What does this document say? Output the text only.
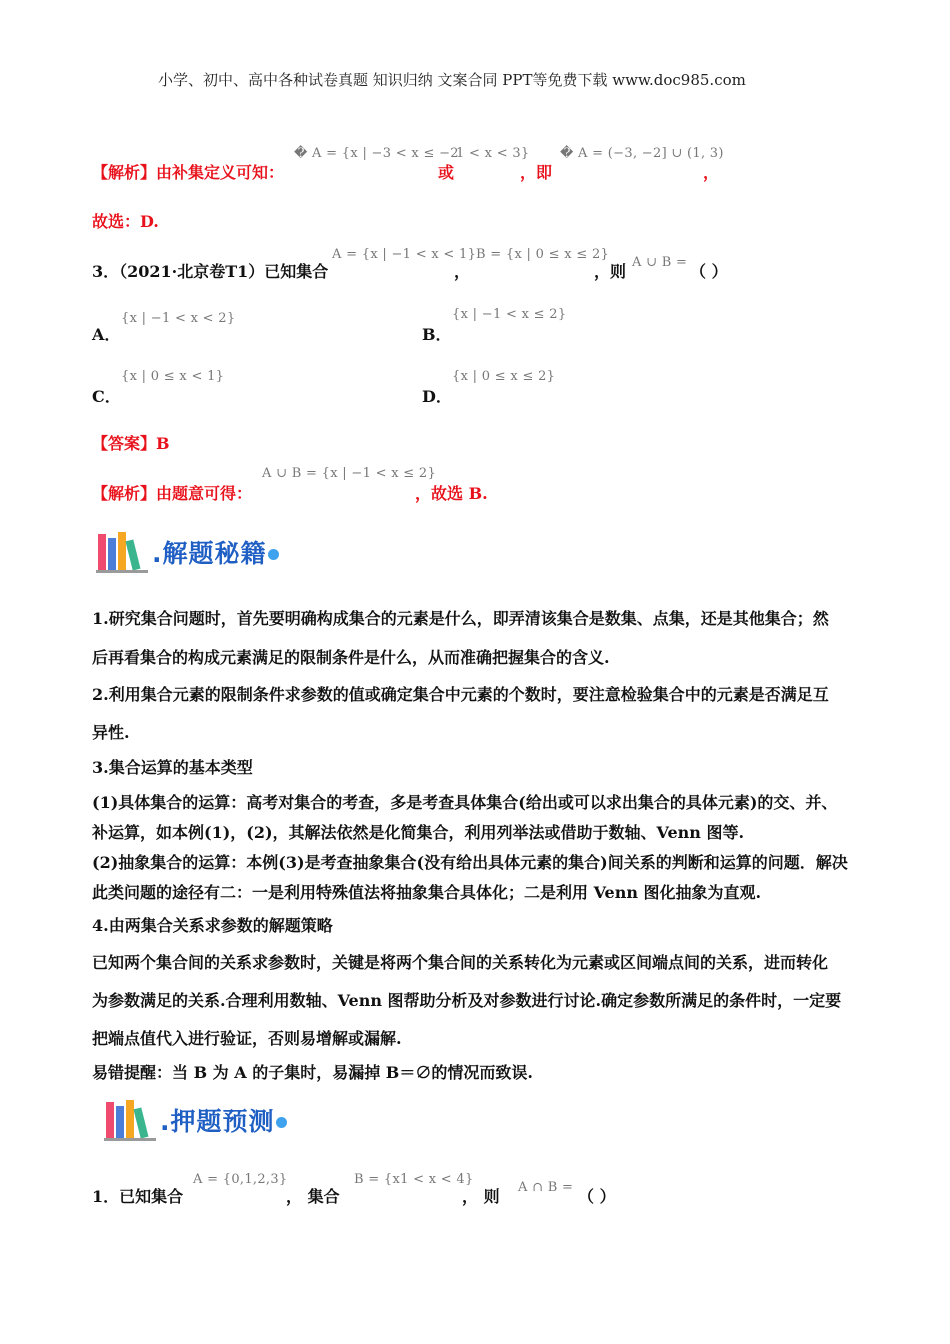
小学、初中、高中各种试卷真题 知识归纳 文案合同 PPT等免费下载 www.doc985.com
【解析】由补集定义可知：
� A = {x | −3 < x ≤ −2
或
1 < x < 3}
，即
� A = (−3, −2] ∪ (1, 3)
，
故选：D.
3．（2021·北京卷T1）已知集合
A = {x | −1 < x < 1}
，
B = {x | 0 ≤ x ≤ 2}
，则 A ∪ B = （ ）
A．
{x | −1 < x < 2}
B．
{x | −1 < x ≤ 2}
C．
{x | 0 ≤ x < 1}
D．
{x | 0 ≤ x ≤ 2}
【答案】B
【解析】由题意可得：
A ∪ B = {x | −1 < x ≤ 2}
，故选 B.
.解题秘籍
1.研究集合问题时，首先要明确构成集合的元素是什么，即弄清该集合是数集、点集，还是其他集合；然
后再看集合的构成元素满足的限制条件是什么，从而准确把握集合的含义.
2.利用集合元素的限制条件求参数的值或确定集合中元素的个数时，要注意检验集合中的元素是否满足互
异性.
3.集合运算的基本类型
(1)具体集合的运算：高考对集合的考查，多是考查具体集合(给出或可以求出集合的具体元素)的交、并、
补运算，如本例(1)，(2)，其解法依然是化简集合，利用列举法或借助于数轴、Venn 图等.
(2)抽象集合的运算：本例(3)是考查抽象集合(没有给出具体元素的集合)间关系的判断和运算的问题．解决
此类问题的途径有二：一是利用特殊值法将抽象集合具体化；二是利用 Venn 图化抽象为直观.
4.由两集合关系求参数的解题策略
已知两个集合间的关系求参数时，关键是将两个集合间的关系转化为元素或区间端点间的关系，进而转化
为参数满足的关系.合理利用数轴、Venn 图帮助分析及对参数进行讨论.确定参数所满足的条件时，一定要
把端点值代入进行验证，否则易增解或漏解.
易错提醒：当 B 为 A 的子集时，易漏掉 B＝∅的情况而致误.
.押题预测
1．已知集合
A = {0,1,2,3}
， 集合
B = {x1 < x < 4}
， 则 A ∩ B = （ ）
